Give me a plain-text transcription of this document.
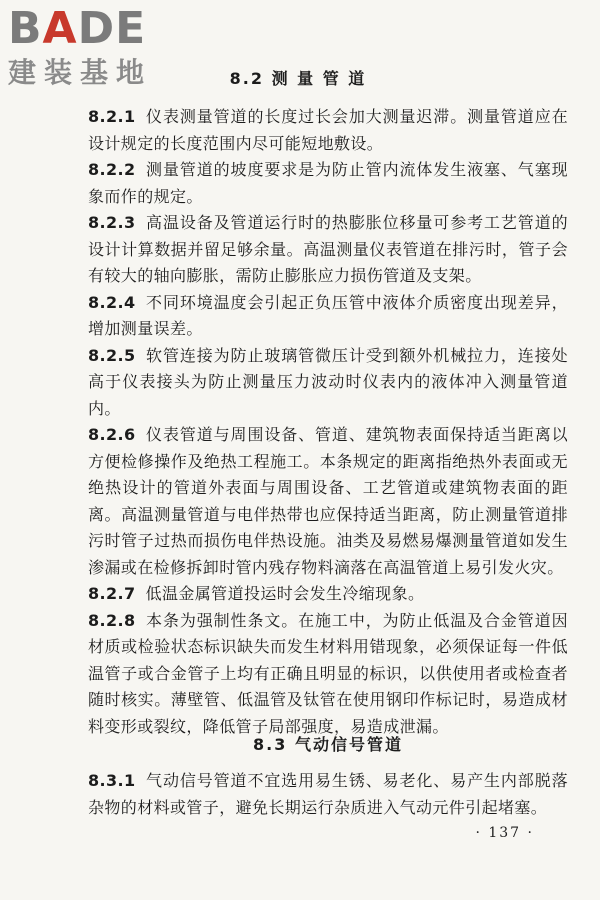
BADE
建装基地	8.2 测 量 管 道

8.2.1 仪表测量管道的长度过长会加大测量迟滞。测量管道应在设计规定的长度范围内尽可能短地敷设。

8.2.2 测量管道的坡度要求是为防止管内流体发生液塞、气塞现象而作的规定。

8.2.3 高温设备及管道运行时的热膨胀位移量可参考工艺管道的设计计算数据并留足够余量。高温测量仪表管道在排污时，管子会有较大的轴向膨胀，需防止膨胀应力损伤管道及支架。

8.2.4 不同环境温度会引起正负压管中液体介质密度出现差异，增加测量误差。

8.2.5 软管连接为防止玻璃管微压计受到额外机械拉力，连接处高于仪表接头为防止测量压力波动时仪表内的液体冲入测量管道内。

8.2.6 仪表管道与周围设备、管道、建筑物表面保持适当距离以方便检修操作及绝热工程施工。本条规定的距离指绝热外表面或无绝热设计的管道外表面与周围设备、工艺管道或建筑物表面的距离。高温测量管道与电伴热带也应保持适当距离，防止测量管道排污时管子过热而损伤电伴热设施。油类及易燃易爆测量管道如发生渗漏或在检修拆卸时管内残存物料滴落在高温管道上易引发火灾。

8.2.7 低温金属管道投运时会发生冷缩现象。

8.2.8 本条为强制性条文。在施工中，为防止低温及合金管道因材质或检验状态标识缺失而发生材料用错现象，必须保证每一件低温管子或合金管子上均有正确且明显的标识，以供使用者或检查者随时核实。薄壁管、低温管及钛管在使用钢印作标记时，易造成材料变形或裂纹，降低管子局部强度，易造成泄漏。

8.3 气动信号管道

8.3.1 气动信号管道不宜选用易生锈、易老化、易产生内部脱落杂物的材料或管子，避免长期运行杂质进入气动元件引起堵塞。

· 137 ·
